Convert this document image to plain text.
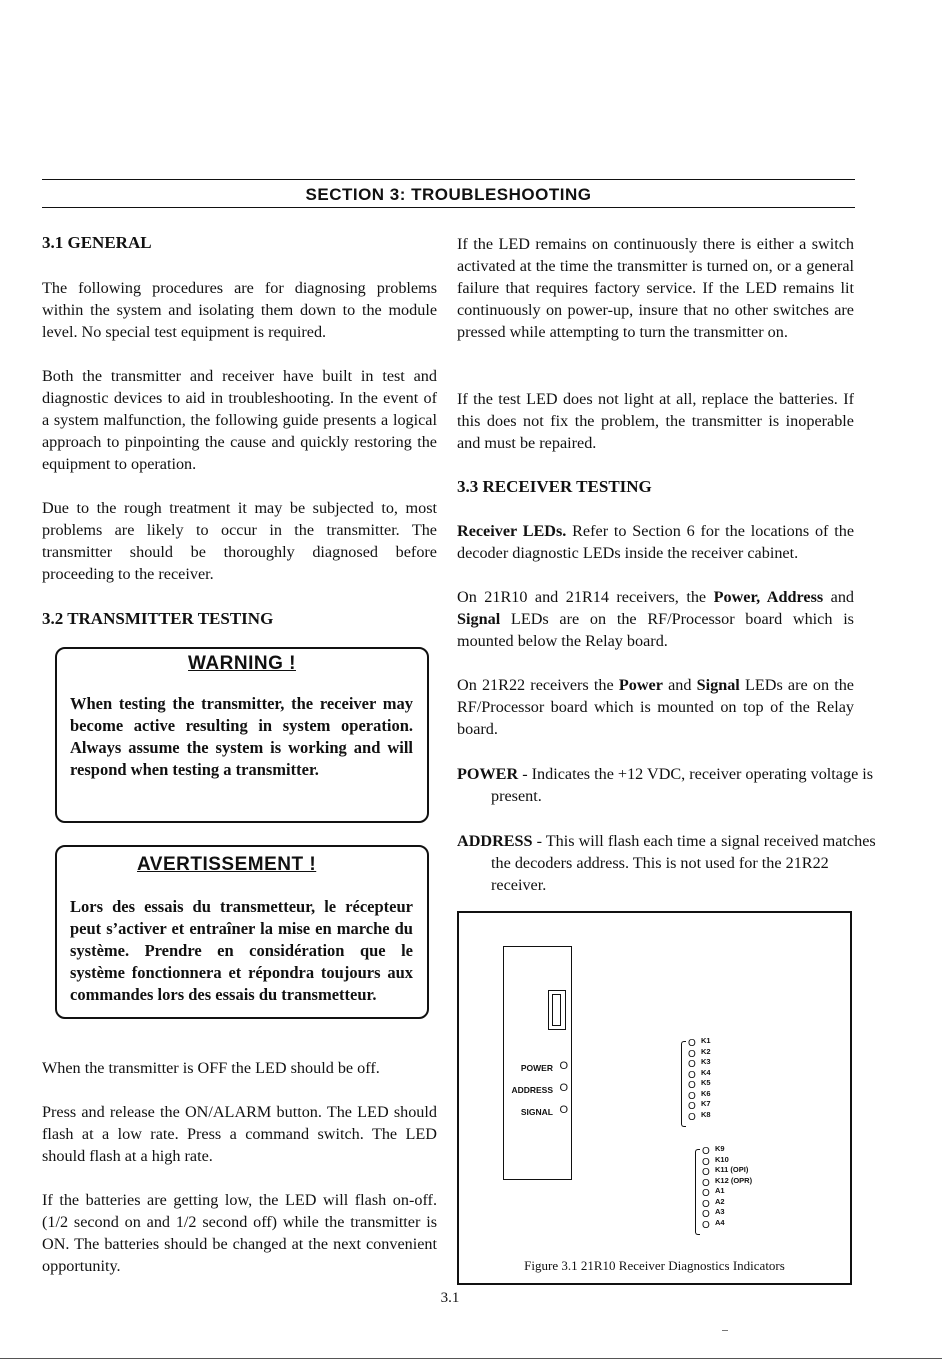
SECTION 3: TROUBLESHOOTING
3.1 GENERAL
The following procedures are for diagnosing problems within the system and isolating them down to the module level. No special test equipment is required.
Both the transmitter and receiver have built in test and diagnostic devices to aid in troubleshooting. In the event of a system malfunction, the following guide presents a logical approach to pinpointing the cause and quickly restoring the equipment to operation.
Due to the rough treatment it may be subjected to, most problems are likely to occur in the transmitter. The transmitter should be thoroughly diagnosed before proceeding to the receiver.
3.2 TRANSMITTER TESTING
WARNING !
When testing the transmitter, the receiver may become active resulting in system operation. Always assume the system is working and will respond when testing a transmitter.
AVERTISSEMENT !
Lors des essais du transmetteur, le récepteur peut s’activer et entraîner la mise en marche du système. Prendre en considération que le système fonctionnera et répondra toujours aux commandes lors des essais du transmetteur.
When the transmitter is OFF the LED should be off.
Press and release the ON/ALARM button. The LED should flash at a low rate. Press a command switch. The LED should flash at a high rate.
If the batteries are getting low, the LED will flash on-off. (1/2 second on and 1/2 second off) while the transmitter is ON. The batteries should be changed at the next convenient opportunity.
If the LED remains on continuously there is either a switch activated at the time the transmitter is turned on, or a general failure that requires factory service. If the LED remains lit continuously on power-up, insure that no other switches are pressed while attempting to turn the transmitter on.
If the test LED does not light at all, replace the batteries. If this does not fix the problem, the transmitter is inoperable and must be repaired.
3.3 RECEIVER TESTING
Receiver LEDs. Refer to Section 6 for the locations of the decoder diagnostic LEDs inside the receiver cabinet.
On 21R10 and 21R14 receivers, the Power, Address and Signal LEDs are on the RF/Processor board which is mounted below the Relay board.
On 21R22 receivers the Power and Signal LEDs are on the RF/Processor board which is mounted on top of the Relay board.
POWER - Indicates the +12 VDC, receiver operating voltage is present.
ADDRESS - This will flash each time a signal received matches the decoders address. This is not used for the 21R22 receiver.
POWER O
ADDRESS O
SIGNAL O
O K1
O K2
O K3
O K4
O K5
O K6
O K7
O K8
O K9
O K10
O K11 (OPI)
O K12 (OPR)
O A1
O A2
O A3
O A4
Figure 3.1 21R10 Receiver Diagnostics Indicators
3.1
